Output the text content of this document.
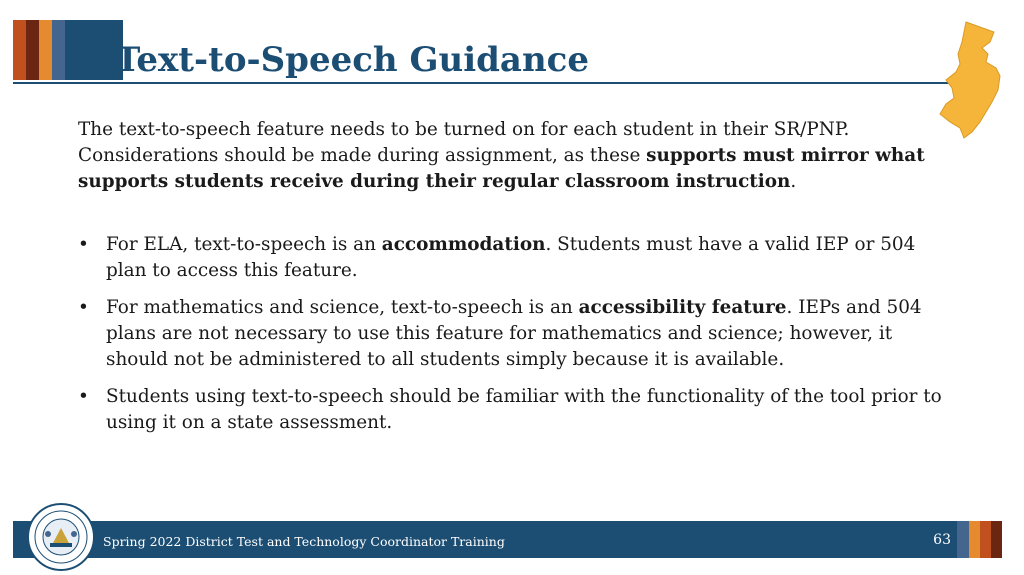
Text-to-Speech Guidance
The text-to-speech feature needs to be turned on for each student in their SR/PNP. Considerations should be made during assignment, as these supports must mirror what supports students receive during their regular classroom instruction.
• For ELA, text-to-speech is an accommodation. Students must have a valid IEP or 504 plan to access this feature.
• For mathematics and science, text-to-speech is an accessibility feature. IEPs and 504 plans are not necessary to use this feature for mathematics and science; however, it should not be administered to all students simply because it is available.
• Students using text-to-speech should be familiar with the functionality of the tool prior to using it on a state assessment.
Spring 2022 District Test and Technology Coordinator Training	63
